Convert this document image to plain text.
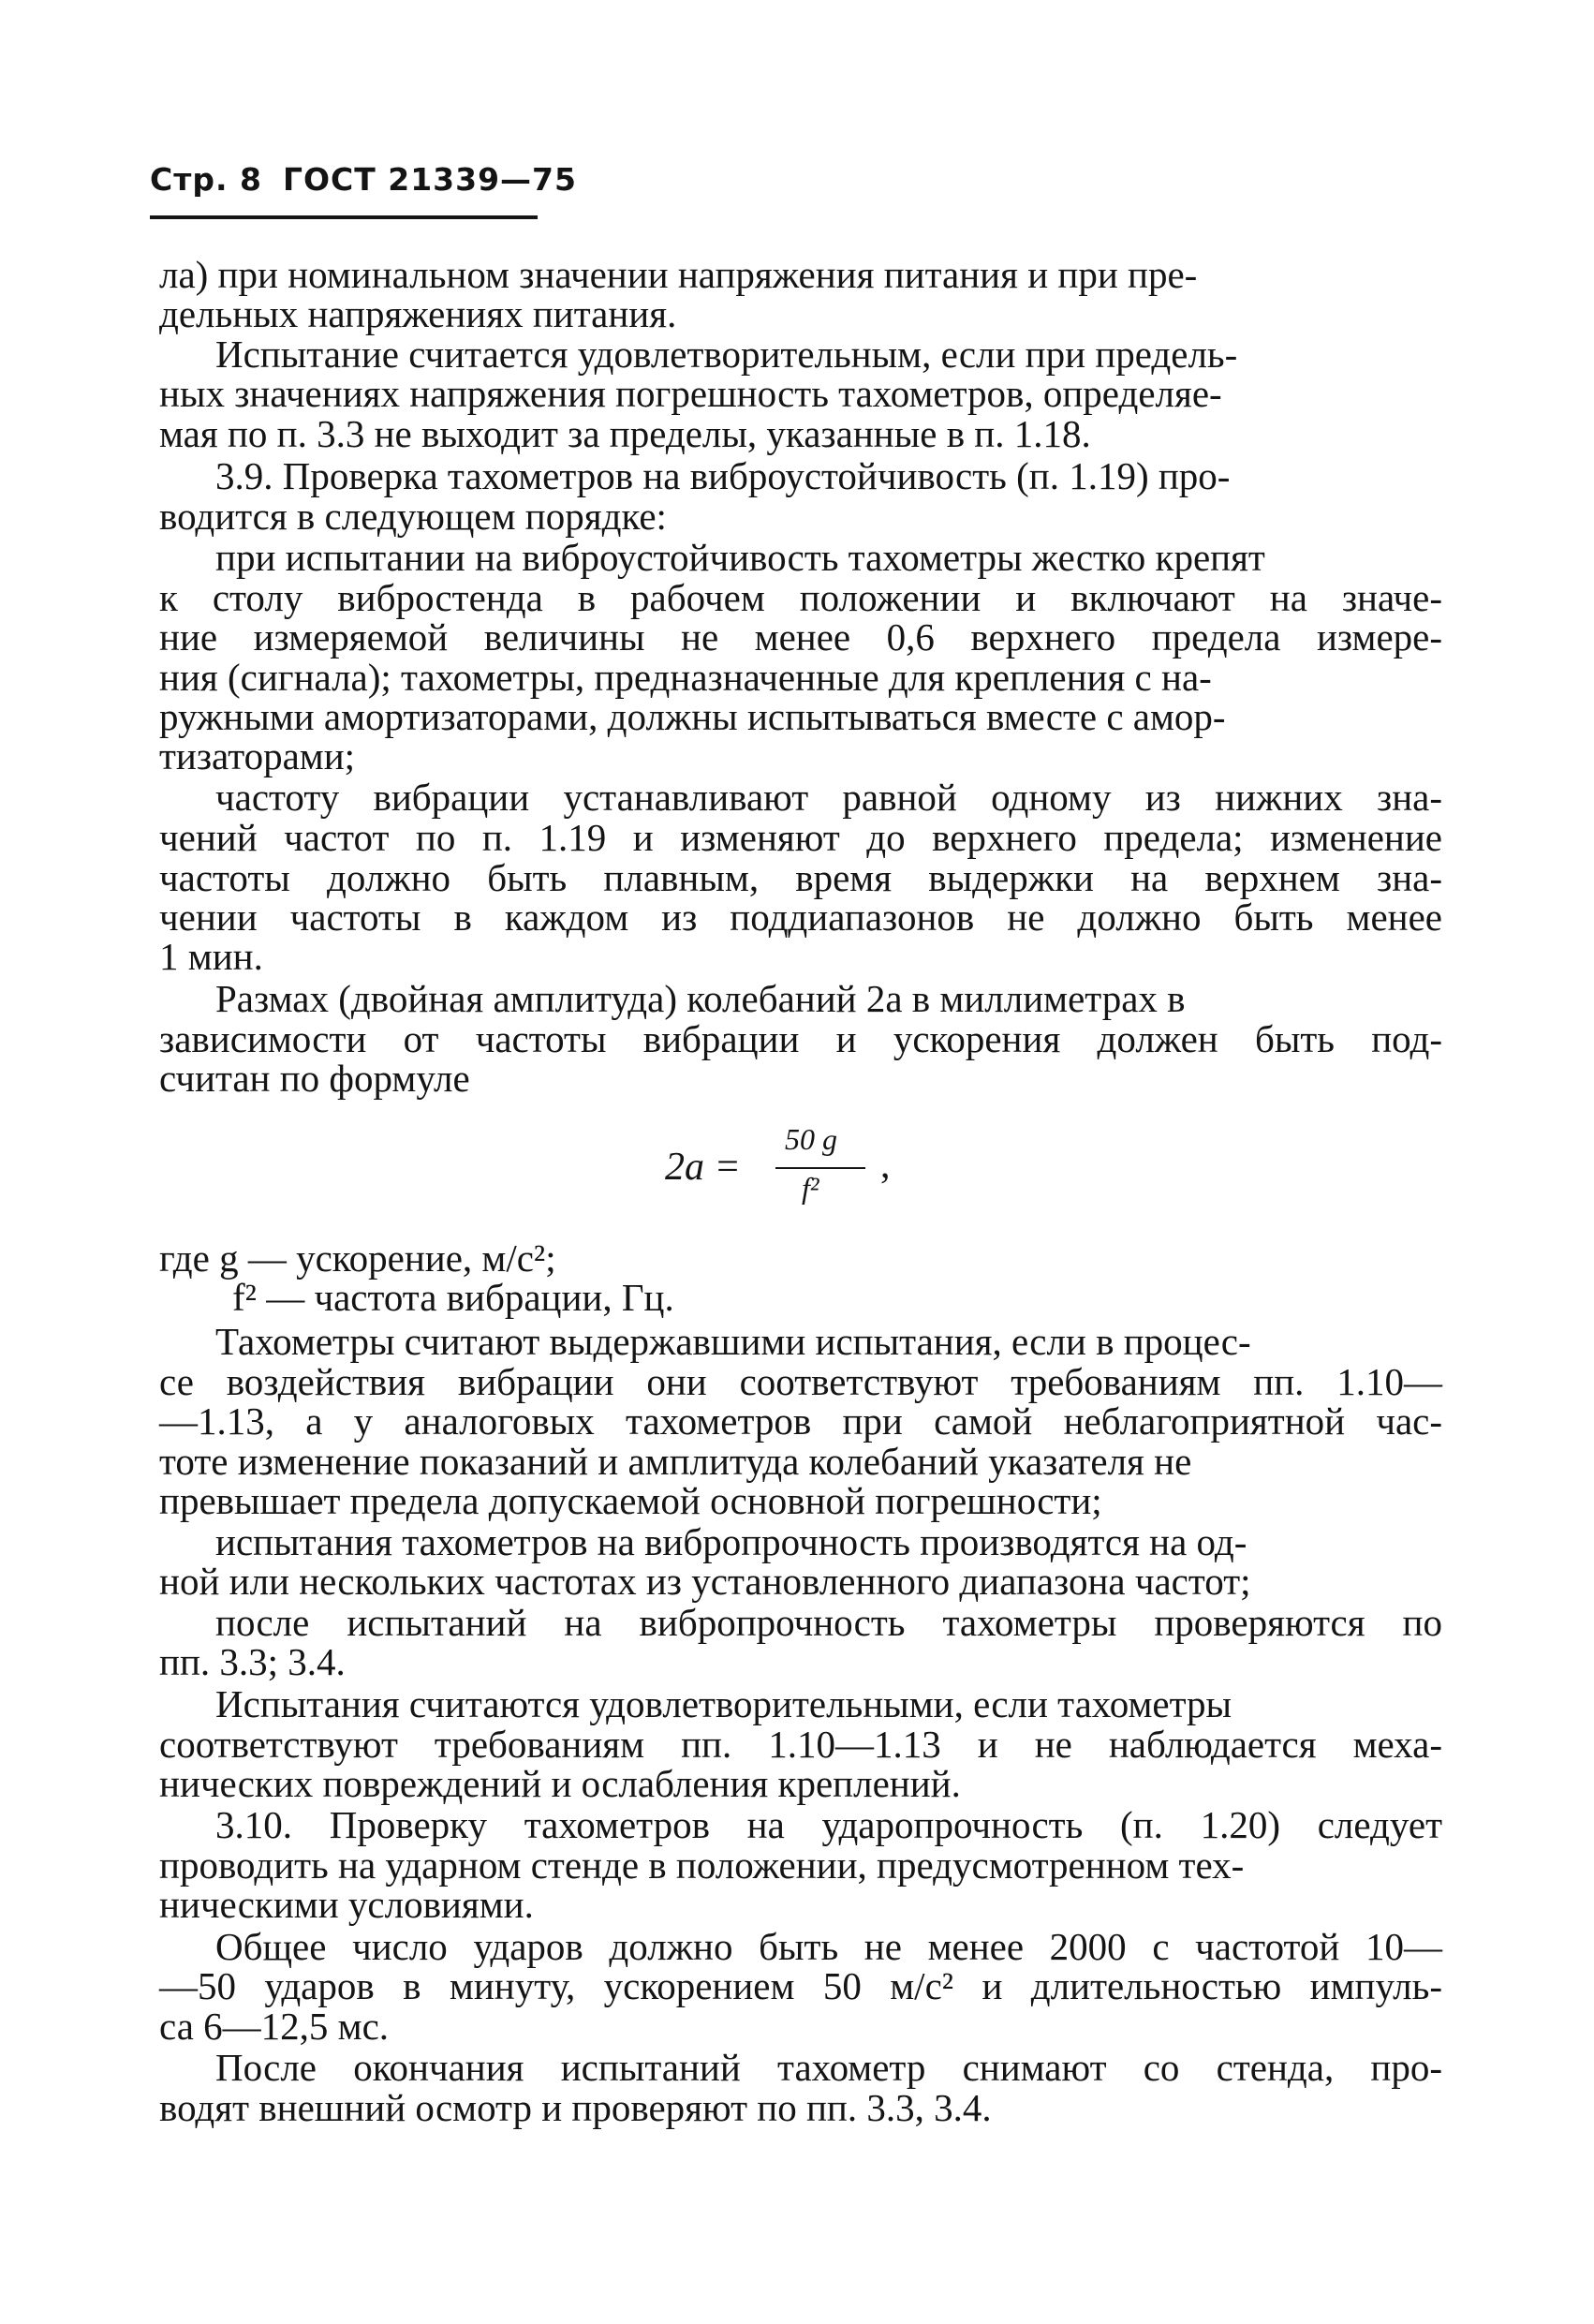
Стр. 8 ГОСТ 21339—75
ла) при номинальном значении напряжения питания и при пре-
дельных напряжениях питания.
Испытание считается удовлетворительным, если при предель-
ных значениях напряжения погрешность тахометров, определяе-
мая по п. 3.3 не выходит за пределы, указанные в п. 1.18.
3.9. Проверка тахометров на виброустойчивость (п. 1.19) про-
водится в следующем порядке:
при испытании на виброустойчивость тахометры жестко крепят
к столу вибростенда в рабочем положении и включают на значе-
ние измеряемой величины не менее 0,6 верхнего предела измере-
ния (сигнала); тахометры, предназначенные для крепления с на-
ружными амортизаторами, должны испытываться вместе с амор-
тизаторами;
частоту вибрации устанавливают равной одному из нижних зна-
чений частот по п. 1.19 и изменяют до верхнего предела; изменение
частоты должно быть плавным, время выдержки на верхнем зна-
чении частоты в каждом из поддиапазонов не должно быть менее
1 мин.
Размах (двойная амплитуда) колебаний 2a в миллиметрах в
зависимости от частоты вибрации и ускорения должен быть под-
считан по формуле
2a =
50 g
f²
,
где g — ускорение, м/с²;
f² — частота вибрации, Гц.
Тахометры считают выдержавшими испытания, если в процес-
се воздействия вибрации они соответствуют требованиям пп. 1.10—
—1.13, а у аналоговых тахометров при самой неблагоприятной час-
тоте изменение показаний и амплитуда колебаний указателя не
превышает предела допускаемой основной погрешности;
испытания тахометров на вибропрочность производятся на од-
ной или нескольких частотах из установленного диапазона частот;
после испытаний на вибропрочность тахометры проверяются по
пп. 3.3; 3.4.
Испытания считаются удовлетворительными, если тахометры
соответствуют требованиям пп. 1.10—1.13 и не наблюдается меха-
нических повреждений и ослабления креплений.
3.10. Проверку тахометров на ударопрочность (п. 1.20) следует
проводить на ударном стенде в положении, предусмотренном тех-
ническими условиями.
Общее число ударов должно быть не менее 2000 с частотой 10—
—50 ударов в минуту, ускорением 50 м/с² и длительностью импуль-
са 6—12,5 мс.
После окончания испытаний тахометр снимают со стенда, про-
водят внешний осмотр и проверяют по пп. 3.3, 3.4.
